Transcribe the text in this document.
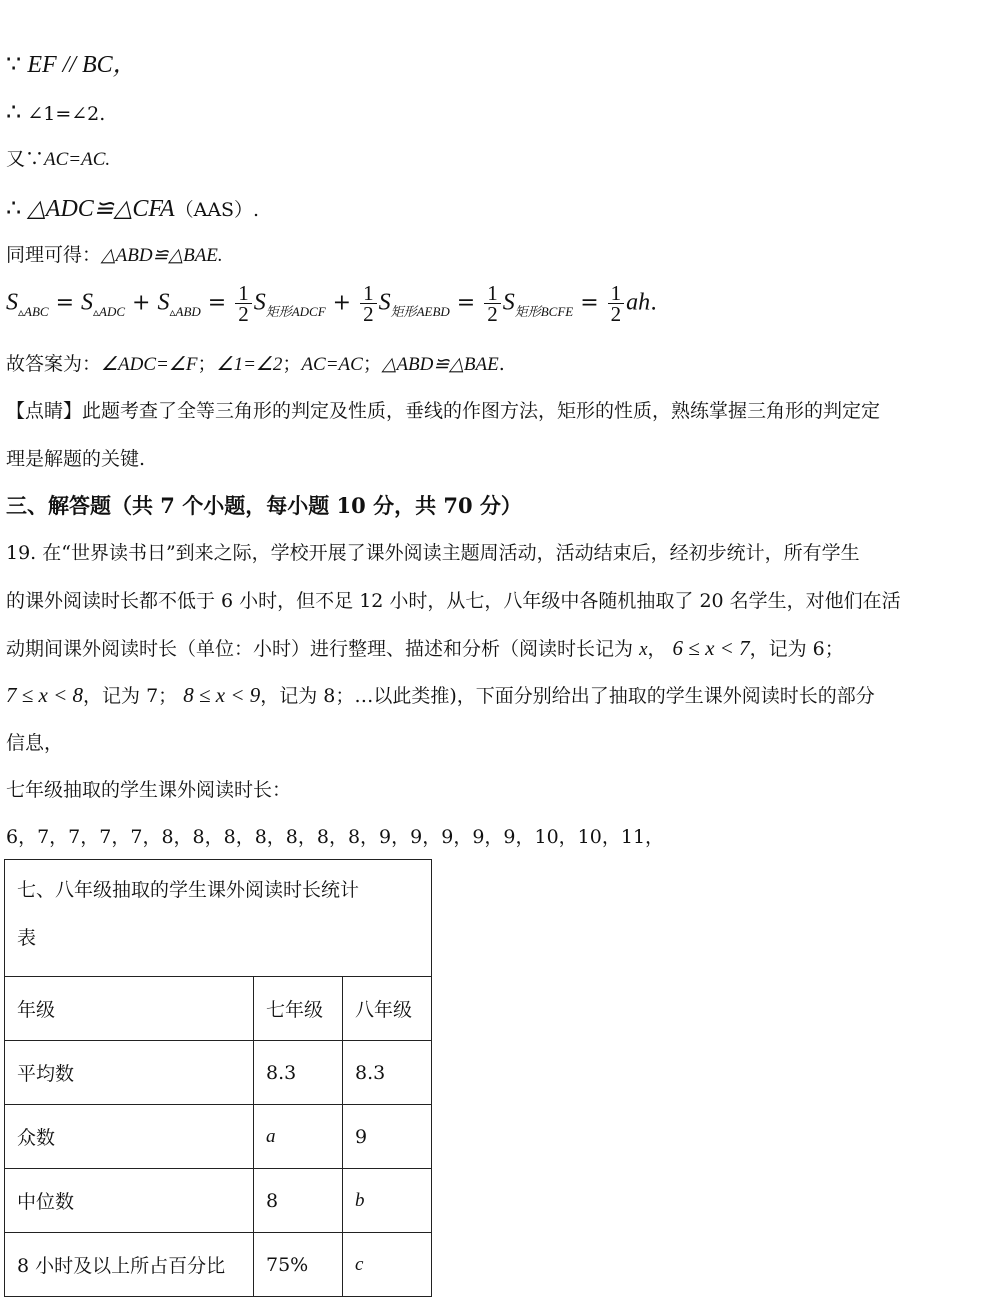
∵ EF // BC，
∴ ∠1=∠2.
又∵AC=AC.
∴ △ADC≌△CFA（AAS）.
同理可得：△ABD≌△BAE.
$S_{▵ABC} = S_{▵ADC} + S_{▵ABD} = \frac{1}{2} S_{矩形ADCF} + \frac{1}{2} S_{矩形AEBD} = \frac{1}{2} S_{矩形BCFE} = \frac{1}{2}$ ah.
故答案为：∠ADC=∠F；∠1=∠2；AC=AC；△ABD≌△BAE.
【点睛】此题考查了全等三角形的判定及性质，垂线的作图方法，矩形的性质，熟练掌握三角形的判定定
理是解题的关键.
三、解答题（共 7 个小题，每小题 10 分，共 70 分）
19. 在“世界读书日”到来之际，学校开展了课外阅读主题周活动，活动结束后，经初步统计，所有学生
的课外阅读时长都不低于 6 小时，但不足 12 小时，从七，八年级中各随机抽取了 20 名学生，对他们在活
动期间课外阅读时长（单位：小时）进行整理、描述和分析（阅读时长记为 x， 6 ≤ x < 7，记为 6；
7 ≤ x < 8，记为 7； 8 ≤ x < 9，记为 8；…以此类推)，下面分别给出了抽取的学生课外阅读时长的部分
信息，
七年级抽取的学生课外阅读时长：
6，7，7，7，7，8，8，8，8，8，8，8，9，9，9，9，9，10，10，11，
七、八年级抽取的学生课外阅读时长统计
表		
年级	七年级	八年级
平均数	8.3	8.3
众数	a	9
中位数	8	b
8 小时及以上所占百分比	75%	c
